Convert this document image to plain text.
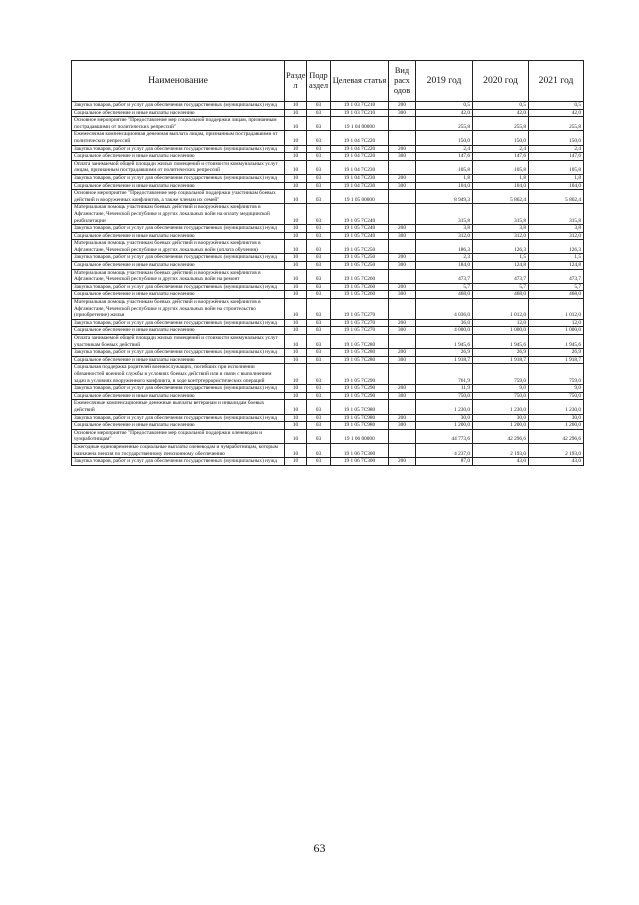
Наименование	Разде л	Подр аздел	Целевая статья	Вид расх одов	2019 год	2020 год	2021 год
Закупка товаров, работ и услуг для обеспечения государственных (муниципальных) нужд	10	03	19 1 03 7С210	200	0,5	0,5	0,5
Социальное обеспечение и иные выплаты населению	10	03	19 1 03 7С210	300	42,0	42,0	42,0
Основное мероприятие "Предоставление мер социальной поддержки лицам, признанным пострадавшими от политических репрессий"	10	03	19 1 04 00000		255,8	255,8	255,8
Ежемесячная компенсационная денежная выплата лицам, признанным пострадавшими от политических репрессий	10	03	19 1 04 7С220		150,0	150,0	150,0
Закупка товаров, работ и услуг для обеспечения государственных (муниципальных) нужд	10	03	19 1 04 7С220	200	2,4	2,4	2,4
Социальное обеспечение и иные выплаты населению	10	03	19 1 04 7С220	300	147,6	147,6	147,6
Оплата занимаемой общей площади жилых помещений и стоимости коммунальных услуг лицам, признанным пострадавшими от политических репрессий	10	03	19 1 04 7С230		105,8	105,8	105,8
Закупка товаров, работ и услуг для обеспечения государственных (муниципальных) нужд	10	03	19 1 04 7С230	200	1,8	1,8	1,8
Социальное обеспечение и иные выплаты населению	10	03	19 1 04 7С230	300	104,0	104,0	104,0
Основное мероприятие "Предоставление мер социальной поддержки участникам боевых действий и вооруженных конфликтов, а также членам их семей"	10	03	19 1 05 00000		8 949,3	5 862,4	5 862,4
Материальная помощь участникам боевых действий и вооружённых конфликтов в Афганистане, Чеченской республике и других локальных войн на оплату медицинской реабилитации	10	03	19 1 05 7С240		315,8	315,8	315,8
Закупка товаров, работ и услуг для обеспечения государственных (муниципальных) нужд	10	03	19 1 05 7С240	200	3,8	3,8	3,8
Социальное обеспечение и иные выплаты населению	10	03	19 1 05 7С240	300	312,0	312,0	312,0
Материальная помощь участникам боевых действий и вооружённых конфликтов в Афганистане, Чеченской республике и других локальных войн (оплата обучения)	10	03	19 1 05 7С250		186,3	126,3	126,3
Закупка товаров, работ и услуг для обеспечения государственных (муниципальных) нужд	10	03	19 1 05 7С250	200	2,3	1,5	1,5
Социальное обеспечение и иные выплаты населению	10	03	19 1 05 7С250	300	184,0	124,8	124,8
Материальная помощь участникам боевых действий и вооружённых конфликтов в Афганистане, Чеченской республике и других локальных войн на ремонт	10	03	19 1 05 7С260		473,7	473,7	473,7
Закупка товаров, работ и услуг для обеспечения государственных (муниципальных) нужд	10	03	19 1 05 7С260	200	5,7	5,7	5,7
Социальное обеспечение и иные выплаты населению	10	03	19 1 05 7С260	300	468,0	468,0	468,0
Материальная помощь участникам боевых действий и вооружённых конфликтов в Афганистане, Чеченской республике и других локальных войн на строительство (приобретение) жилья	10	03	19 1 05 7С270		4 036,0	1 012,0	1 012,0
Закупка товаров, работ и услуг для обеспечения государственных (муниципальных) нужд	10	03	19 1 05 7С270	200	36,0	12,0	12,0
Социальное обеспечение и иные выплаты населению	10	03	19 1 05 7С270	300	4 000,0	1 000,0	1 000,0
Оплата занимаемой общей площади жилых помещений и стоимости коммунальных услуг участникам боевых действий	10	03	19 1 05 7С280		1 945,6	1 945,6	1 945,6
Закупка товаров, работ и услуг для обеспечения государственных (муниципальных) нужд	10	03	19 1 05 7С280	200	26,9	26,9	26,9
Социальное обеспечение и иные выплаты населению	10	03	19 1 05 7С280	300	1 918,7	1 918,7	1 918,7
Социальная поддержка родителей военнослужащих, погибших при исполнении обязанностей военной службы в условиях боевых действий или в связи с выполнением задач в условиях вооруженного конфликта, в ходе контртеррористических операций	10	03	19 1 05 7С290		761,9	759,0	759,0
Закупка товаров, работ и услуг для обеспечения государственных (муниципальных) нужд	10	03	19 1 05 7С290	200	11,9	9,0	9,0
Социальное обеспечение и иные выплаты населению	10	03	19 1 05 7С290	300	750,0	750,0	750,0
Ежемесячные компенсационные денежные выплаты ветеранам и инвалидам боевых действий	10	03	19 1 05 7С980		1 230,0	1 230,0	1 230,0
Закупка товаров, работ и услуг для обеспечения государственных (муниципальных) нужд	10	03	19 1 05 7С980	200	30,0	30,0	30,0
Социальное обеспечение и иные выплаты населению	10	03	19 1 05 7С980	300	1 200,0	1 200,0	1 200,0
Основное мероприятие "Предоставление мер социальной поддержки оленеводам и чумработницам"	10	03	19 1 06 00000		44 773,6	42 296,6	42 296,6
Ежегодные единовременные социальные выплаты оленеводам и чумработницам, которым назначена пенсия по государственному пенсионному обеспечению	10	03	19 1 06 7С300		4 237,0	2 193,0	2 193,0
Закупка товаров, работ и услуг для обеспечения государственных (муниципальных) нужд	10	03	19 1 06 7С300	200	87,0	43,0	43,0
63
